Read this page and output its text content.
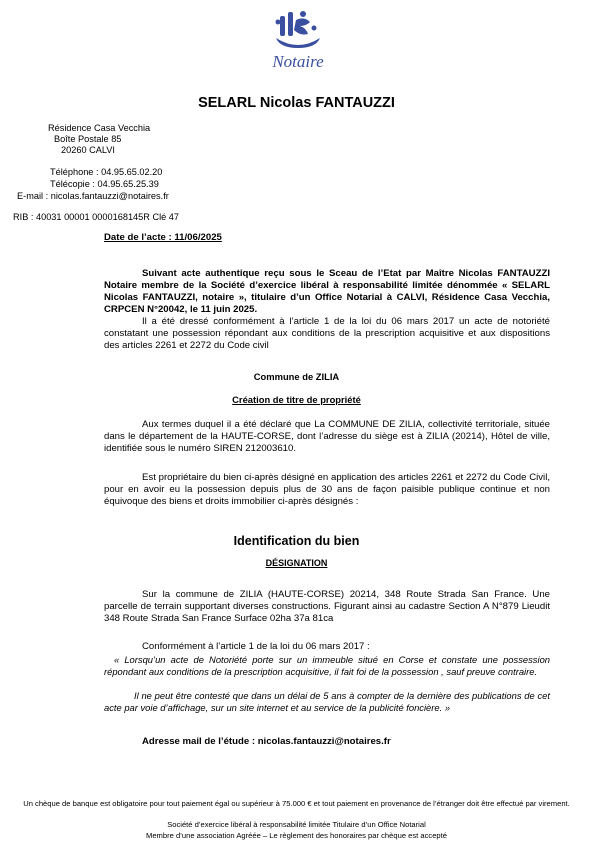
Notaire
SELARL Nicolas FANTAUZZI
Résidence Casa Vecchia
Boîte Postale 85
20260 CALVI
Téléphone : 04.95.65.02.20
Télécopie : 04.95.65.25.39
E-mail : nicolas.fantauzzi@notaires.fr
RIB : 40031 00001 0000168145R Clé 47
Date de l’acte : 11/06/2025

Suivant acte authentique reçu sous le Sceau de l’Etat par Maître Nicolas FANTAUZZI Notaire membre de la Société d’exercice libéral à responsabilité limitée dénommée « SELARL Nicolas FANTAUZZI, notaire », titulaire d’un Office Notarial à CALVI, Résidence Casa Vecchia, CRPCEN N°20042, le 11 juin 2025.

Il a été dressé conformément à l’article 1 de la loi du 06 mars 2017 un acte de notoriété constatant une possession répondant aux conditions de la prescription acquisitive et aux dispositions des articles 2261 et 2272 du Code civil

Commune de ZILIA
Création de titre de propriété

Aux termes duquel il a été déclaré que La COMMUNE DE ZILIA, collectivité territoriale, située dans le département de la HAUTE-CORSE, dont l’adresse du siège est à ZILIA (20214), Hôtel de ville, identifiée sous le numéro SIREN 212003610.

Est propriétaire du bien ci-après désigné en application des articles 2261 et 2272 du Code Civil, pour en avoir eu la possession depuis plus de 30 ans de façon paisible publique continue et non équivoque des biens et droits immobilier ci-après désignés :

Identification du bien
DÉSIGNATION

Sur la commune de ZILIA (HAUTE-CORSE) 20214, 348 Route Strada San France. Une parcelle de terrain supportant diverses constructions. Figurant ainsi au cadastre Section A N°879 Lieudit 348 Route Strada San France Surface 02ha 37a 81ca

Conformément à l’article 1 de la loi du 06 mars 2017 :

« Lorsqu’un acte de Notoriété porte sur un immeuble situé en Corse et constate une possession répondant aux conditions de la prescription acquisitive, il fait foi de la possession , sauf preuve contraire.

Il ne peut être contesté que dans un délai de 5 ans à compter de la dernière des publications de cet acte par voie d’affichage, sur un site internet et au service de la publicité foncière. »

Adresse mail de l’étude : nicolas.fantauzzi@notaires.fr
Un chèque de banque est obligatoire pour tout paiement égal ou supérieur à 75.000 € et tout paiement en provenance de l’étranger doit être effectué par virement.
Société d’exercice libéral à responsabilité limitée Titulaire d’un Office Notarial
Membre d’une association Agréée – Le règlement des honoraires par chèque est accepté
